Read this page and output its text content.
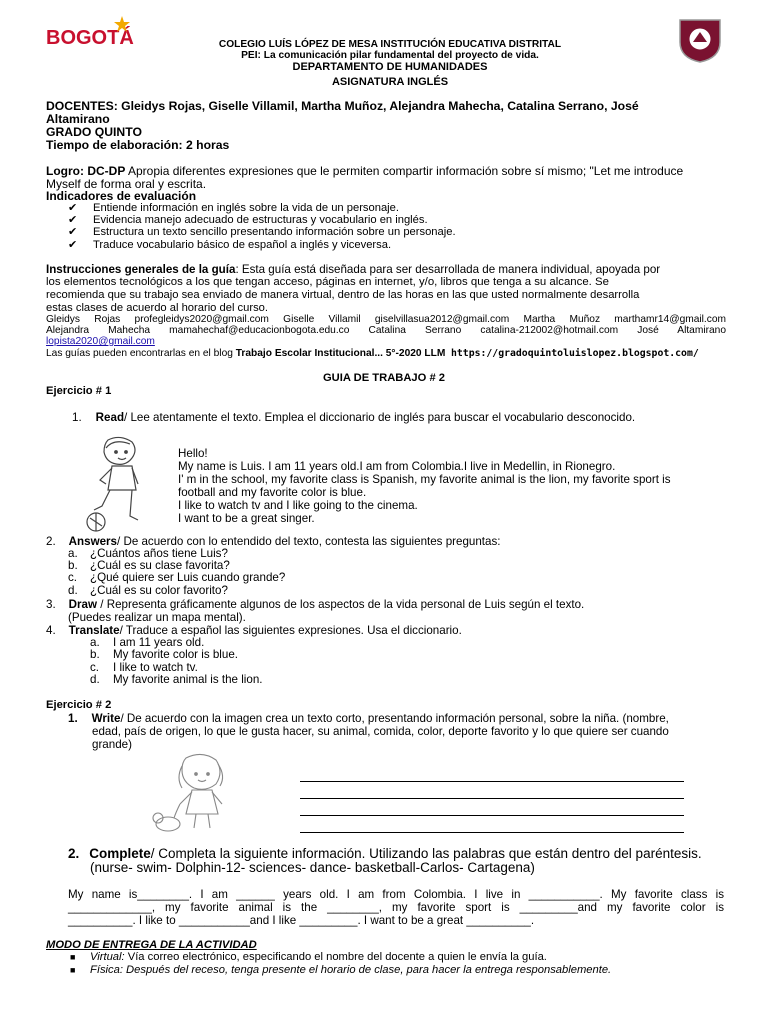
BOGOTÁ	COLEGIO LUÍS LÓPEZ DE MESA INSTITUCIÓN EDUCATIVA DISTRITAL
PEI: La comunicación pilar fundamental del proyecto de vida.
DEPARTAMENTO DE HUMANIDADES
ASIGNATURA INGLÉS
DOCENTES: Gleidys Rojas, Giselle Villamil, Martha Muñoz, Alejandra Mahecha, Catalina Serrano, José
Altamirano
GRADO QUINTO
Tiempo de elaboración: 2 horas
Logro: DC-DP Apropia diferentes expresiones que le permiten compartir información sobre sí mismo; "Let me introduce
Myself de forma oral y escrita.
Indicadores de evaluación
✔ Entiende información en inglés sobre la vida de un personaje.
✔ Evidencia manejo adecuado de estructuras y vocabulario en inglés.
✔ Estructura un texto sencillo presentando información sobre un personaje.
✔ Traduce vocabulario básico de español a inglés y viceversa.
Instrucciones generales de la guía: Esta guía está diseñada para ser desarrollada de manera individual, apoyada por
los elementos tecnológicos a los que tengan acceso, páginas en internet, y/o, libros que tenga a su alcance. Se
recomienda que su trabajo sea enviado de manera virtual, dentro de las horas en las que usted normalmente desarrolla
estas clases de acuerdo al horario del curso.
Gleidys Rojas profegleidys2020@gmail.com Giselle Villamil giselvillasua2012@gmail.com Martha Muñoz marthamr14@gmail.com
Alejandra Mahecha mamahechaf@educacionbogota.edu.co Catalina Serrano catalina-212002@hotmail.com José Altamirano
lopista2020@gmail.com
Las guías pueden encontrarlas en el blog Trabajo Escolar Institucional... 5°-2020 LLM https://gradoquintoluislopez.blogspot.com/
GUIA DE TRABAJO # 2
Ejercicio # 1
1. Read/ Lee atentamente el texto. Emplea el diccionario de inglés para buscar el vocabulario desconocido.
Hello!
My name is Luis. I am 11 years old.I am from Colombia.I live in Medellin, in Rionegro.
I' m in the school, my favorite class is Spanish, my favorite animal is the lion, my favorite sport is
football and my favorite color is blue.
I like to watch tv and I like going to the cinema.
I want to be a great singer.
2. Answers/ De acuerdo con lo entendido del texto, contesta las siguientes preguntas:
a. ¿Cuántos años tiene Luis?
b. ¿Cuál es su clase favorita?
c. ¿Qué quiere ser Luis cuando grande?
d. ¿Cuál es su color favorito?
3. Draw / Representa gráficamente algunos de los aspectos de la vida personal de Luis según el texto.
(Puedes realizar un mapa mental).
4. Translate/ Traduce a español las siguientes expresiones. Usa el diccionario.
a. I am 11 years old.
b. My favorite color is blue.
c. I like to watch tv.
d. My favorite animal is the lion.
Ejercicio # 2
1. Write/ De acuerdo con la imagen crea un texto corto, presentando información personal, sobre la niña. (nombre,
edad, país de origen, lo que le gusta hacer, su animal, comida, color, deporte favorito y lo que quiere ser cuando
grande)
2. Complete/ Completa la siguiente información. Utilizando las palabras que están dentro del paréntesis.
(nurse- swim- Dolphin-12- sciences- dance- basketball-Carlos- Cartagena)
My name is________. I am ______ years old. I am from Colombia. I live in ___________. My favorite class is
_____________, my favorite animal is the ________, my favorite sport is _________and my favorite color is
__________. I like to ___________and I like _________. I want to be a great __________.
MODO DE ENTREGA DE LA ACTIVIDAD
■ Virtual: Vía correo electrónico, especificando el nombre del docente a quien le envía la guía.
■ Física: Después del receso, tenga presente el horario de clase, para hacer la entrega responsablemente.
